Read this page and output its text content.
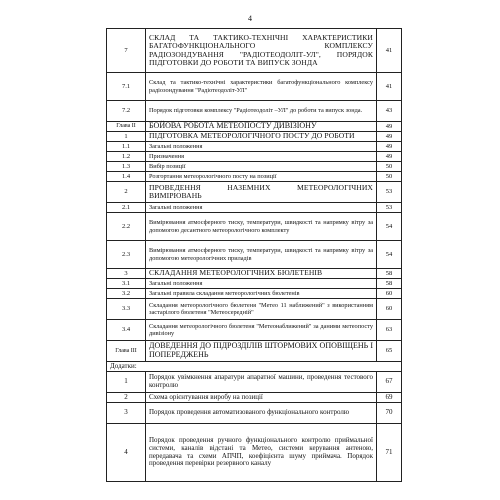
4
7	СКЛАД ТА ТАКТИКО-ТЕХНІЧНІ ХАРАКТЕРИСТИКИ БАГАТОФУНКЦІОНАЛЬНОГО КОМПЛЕКСУ РАДІОЗОНДУВАННЯ "РАДІОТЕОДОЛІТ-УЛ", ПОРЯДОК ПІДГОТОВКИ ДО РОБОТИ ТА ВИПУСК ЗОНДА	41
7.1	Склад та тактико-технічні характеристики багатофункціонального комплексу радіозондування "Радіотеодоліт-УЛ"	41
7.2	Порядок підготовки комплексу "Радіотеодоліт –УЛ" до роботи та випуск зонда.	43
Глава ІІ	БОЙОВА РОБОТА МЕТЕОПОСТУ ДИВІЗІОНУ	49
1	ПІДГОТОВКА МЕТЕОРОЛОГІЧНОГО ПОСТУ ДО РОБОТИ	49
1.1	Загальні положення	49
1.2	Призначення	49
1.3	Вибір позиції	50
1.4	Розгортання метеорологічного посту на позиції	50
2	ПРОВЕДЕННЯ НАЗЕМНИХ МЕТЕОРОЛОГІЧНИХ ВИМІРЮВАНЬ	53
2.1	Загальні положення	53
2.2	Вимірювання атмосферного тиску, температури, швидкості та напрямку вітру за допомогою десантного метеорологічного комплекту	54
2.3	Вимірювання атмосферного тиску, температури, швидкості та напрямку вітру за допомогою метеорологічних приладів	54
3	СКЛАДАННЯ МЕТЕОРОЛОГІЧНИХ БЮЛЕТЕНІВ	58
3.1	Загальні положення	58
3.2	Загальні правила складання метеорологічних бюлетенів	60
3.3	Складання метеорологічного бюлетеня "Метео 11 наближений" з використанням застарілого бюлетеня "Метеосередній"	60
3.4	Складання метеорологічного бюлетеня "Метеонаближений" за даними метеопосту дивізіону	63
Глава ІІІ	ДОВЕДЕННЯ ДО ПІДРОЗДІЛІВ ШТОРМОВИХ ОПОВІЩЕНЬ І ПОПЕРЕДЖЕНЬ	65
Додатки:		
1	Порядок увімкнення апаратури апаратної машини, проведення тестового контролю	67
2	Схема орієнтування виробу на позиції	69
3	Порядок проведення автоматизованого функціонального контролю	70
4	Порядок проведення ручного функціонального контролю приймальної системи, каналів відстані та Метео, системи керування антеною, передавача та схеми АПЧП, коефіцієнта шуму приймача. Порядок проведення перевірки резервного каналу	71
